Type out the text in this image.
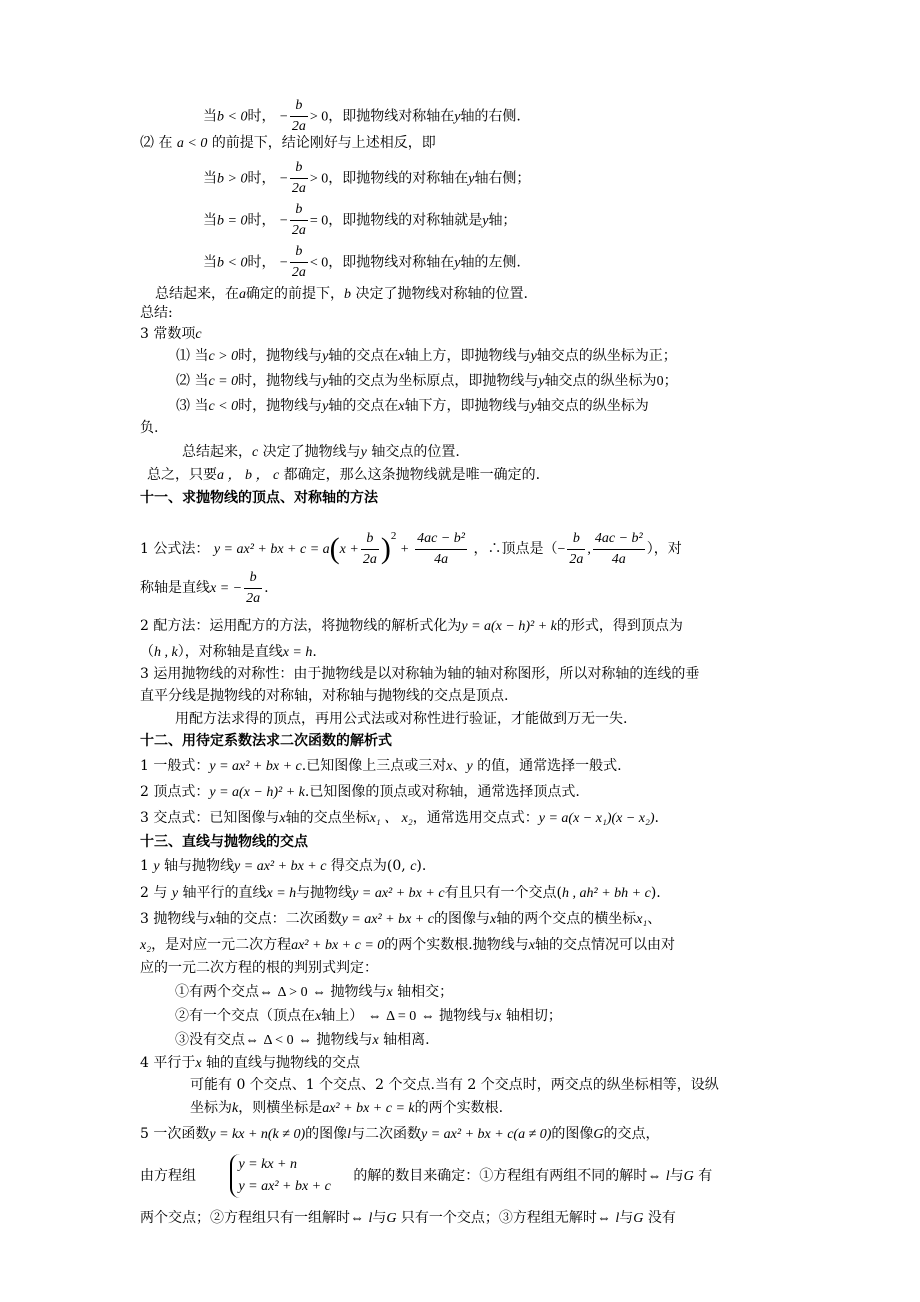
当b < 0时， − $\frac{b}{2a} > 0$，即抛物线对称轴在y轴的右侧.
⑵ 在 a < 0 的前提下，结论刚好与上述相反，即
当b > 0时， − $\frac{b}{2a} > 0$，即抛物线的对称轴在y轴右侧；
当b = 0时， − $\frac{b}{2a} = 0$，即抛物线的对称轴就是y轴；
当b < 0时， − $\frac{b}{2a} < 0$，即抛物线对称轴在y轴的左侧.
总结起来，在a确定的前提下，b 决定了抛物线对称轴的位置.
总结:
3 常数项c
⑴ 当c > 0时，抛物线与y轴的交点在x轴上方，即抛物线与y轴交点的纵坐标为正；
⑵ 当c = 0时，抛物线与y轴的交点为坐标原点，即抛物线与y轴交点的纵坐标为0；
⑶ 当c < 0时，抛物线与y轴的交点在x轴下方，即抛物线与y轴交点的纵坐标为
负.
总结起来，c 决定了抛物线与y 轴交点的位置.
总之，只要a ， b ， c 都确定，那么这条抛物线就是唯一确定的.
十一、求抛物线的顶点、对称轴的方法
1 公式法： y = ax² + bx + $c = a(x + \frac{b}{2a} )^2 + \frac{\text{4ac − b²}}{4a}$ ，∴顶点是（− $\frac{b}{2a}$ , $\frac{\text{4ac − b²}}{4a}$ ），对
称轴是直线x = − $\frac{b}{2a}$ .
2 配方法：运用配方的方法，将抛物线的解析式化为y = a(x − h)² + k的形式，得到顶点为
（h , k），对称轴是直线x = h.
3 运用抛物线的对称性：由于抛物线是以对称轴为轴的轴对称图形，所以对称轴的连线的垂
直平分线是抛物线的对称轴，对称轴与抛物线的交点是顶点.
用配方法求得的顶点，再用公式法或对称性进行验证，才能做到万无一失.
十二、用待定系数法求二次函数的解析式
1 一般式：y = ax² + bx + c.已知图像上三点或三对x、y 的值，通常选择一般式.
2 顶点式：y = a(x − h)² + k.已知图像的顶点或对称轴，通常选择顶点式.
3 交点式：已知图像与x轴的交点坐标x₁ 、 x₂，通常选用交点式：y = a(x − x₁)(x − x₂).
十三、直线与抛物线的交点
1 y 轴与抛物线y = ax² + bx + c 得交点为(0, c).
2 与 y 轴平行的直线x = h与抛物线y = ax² + bx + c有且只有一个交点(h , ah² + bh + c).
3 抛物线与x轴的交点：二次函数y = ax² + bx + c的图像与x轴的两个交点的横坐标x₁、
x₂，是对应一元二次方程ax² + bx + c = 0的两个实数根.抛物线与x轴的交点情况可以由对
应的一元二次方程的根的判别式判定：
①有两个交点⇔ Δ > 0 ⇔ 抛物线与x 轴相交；
②有一个交点（顶点在x轴上） ⇔ Δ = 0 ⇔ 抛物线与x 轴相切；
③没有交点⇔ Δ < 0 ⇔ 抛物线与x 轴相离.
4 平行于x 轴的直线与抛物线的交点
可能有 0 个交点、1 个交点、2 个交点.当有 2 个交点时，两交点的纵坐标相等，设纵
坐标为k，则横坐标是ax² + bx + c = k的两个实数根.
5 一次函数y = kx + n(k ≠ 0)的图像l与二次函数y = ax² + bx + c(a ≠ 0)的图像G的交点，
由方程组
y = kx + n
y = ax² + bx + c
的解的数目来确定：①方程组有两组不同的解时⇔ l与G 有
两个交点；②方程组只有一组解时⇔ l与G 只有一个交点；③方程组无解时⇔ l与G 没有
